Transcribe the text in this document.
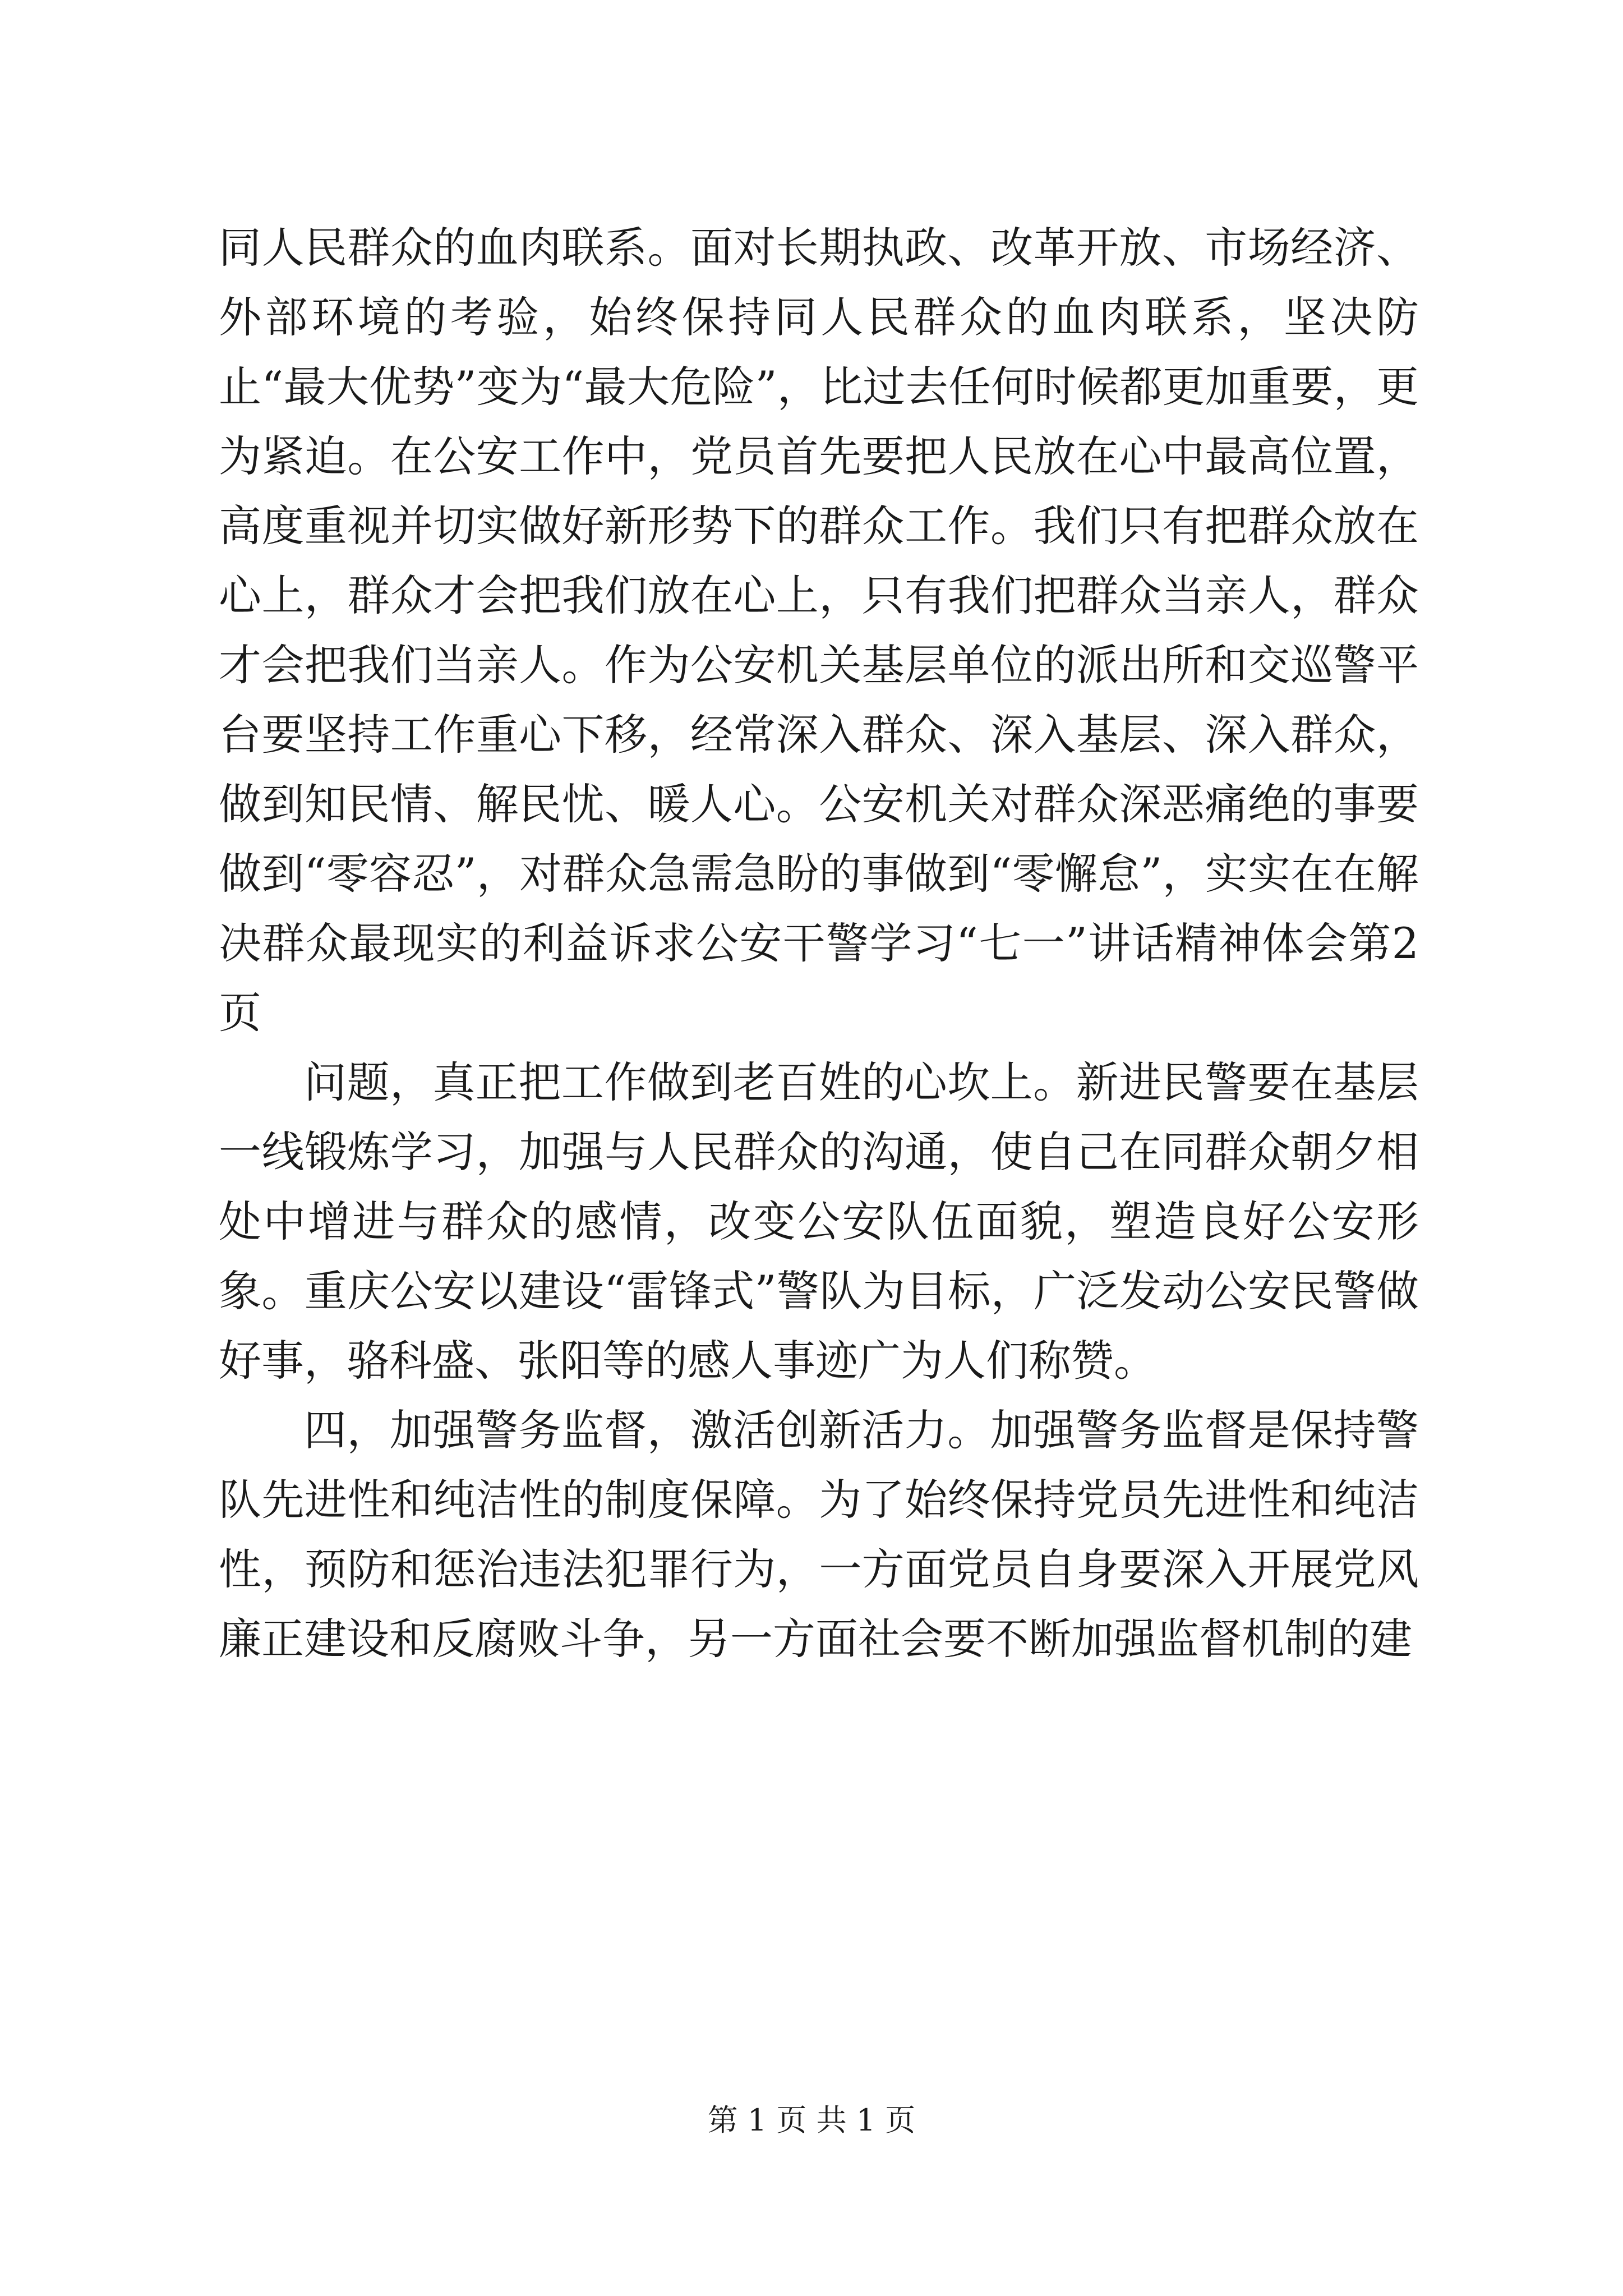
同人民群众的血肉联系。面对长期执政、改革开放、市场经济、外部环境的考验，始终保持同人民群众的血肉联系，坚决防止“最大优势”变为“最大危险”，比过去任何时候都更加重要，更为紧迫。在公安工作中，党员首先要把人民放在心中最高位置，高度重视并切实做好新形势下的群众工作。我们只有把群众放在心上，群众才会把我们放在心上，只有我们把群众当亲人，群众才会把我们当亲人。作为公安机关基层单位的派出所和交巡警平台要坚持工作重心下移，经常深入群众、深入基层、深入群众，做到知民情、解民忧、暖人心。公安机关对群众深恶痛绝的事要做到“零容忍”，对群众急需急盼的事做到“零懈怠”，实实在在解决群众最现实的利益诉求公安干警学习“七一”讲话精神体会第2页

问题，真正把工作做到老百姓的心坎上。新进民警要在基层一线锻炼学习，加强与人民群众的沟通，使自己在同群众朝夕相处中增进与群众的感情，改变公安队伍面貌，塑造良好公安形象。重庆公安以建设“雷锋式”警队为目标，广泛发动公安民警做好事，骆科盛、张阳等的感人事迹广为人们称赞。

四，加强警务监督，激活创新活力。加强警务监督是保持警队先进性和纯洁性的制度保障。为了始终保持党员先进性和纯洁性，预防和惩治违法犯罪行为，一方面党员自身要深入开展党风廉正建设和反腐败斗争，另一方面社会要不断加强监督机制的建

第 1 页 共 1 页
